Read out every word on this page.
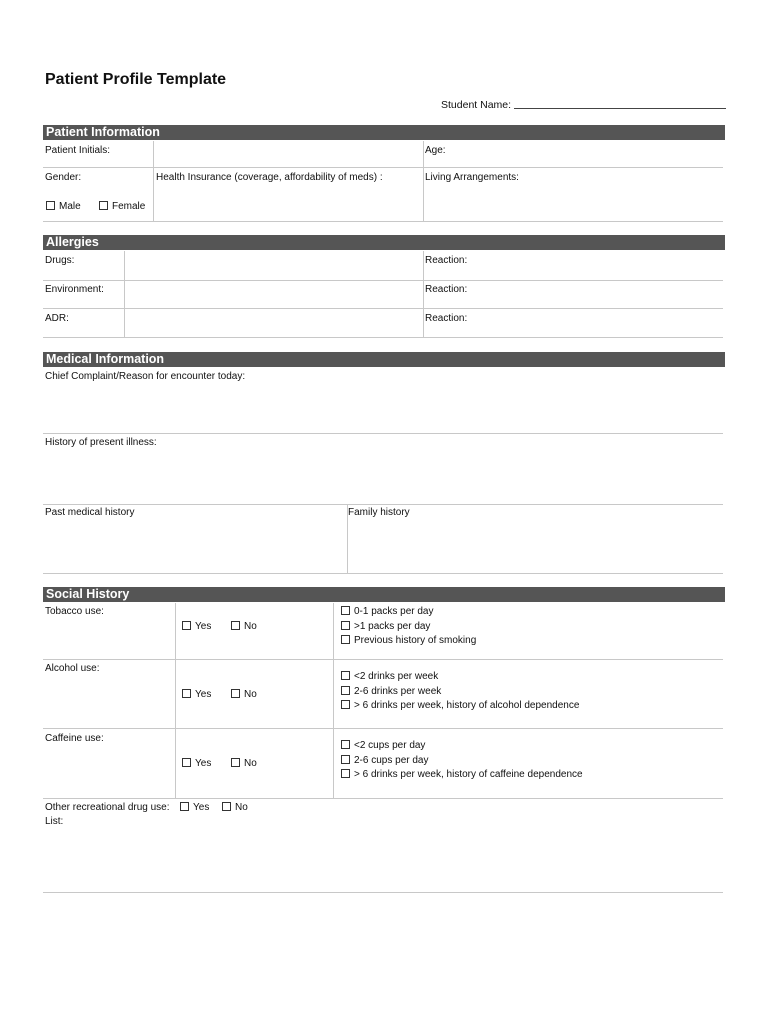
Patient Profile Template
Student Name:
Patient Information
Patient Initials:	Age:
Gender:	Health Insurance (coverage, affordability of meds) :	Living Arrangements:
Male	Female
Allergies
Drugs:	Reaction:
Environment:	Reaction:
ADR:	Reaction:
Medical Information
Chief Complaint/Reason for encounter today:
History of present illness:
Past medical history	Family history
Social History
Tobacco use:
Yes	No
0-1 packs per day
>1 packs per day
Previous history of smoking
Alcohol use:
Yes	No
<2 drinks per week
2-6 drinks per week
> 6 drinks per week, history of alcohol dependence
Caffeine use:
Yes	No
<2 cups per day
2-6 cups per day
> 6 drinks per week, history of caffeine dependence
Other recreational drug use:	Yes	No
List:
